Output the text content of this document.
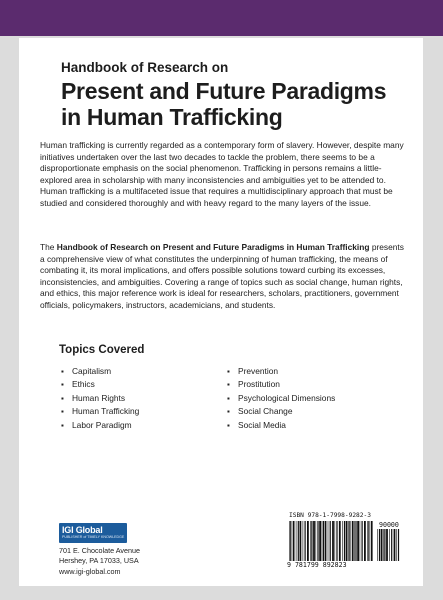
Handbook of Research on
Present and Future Paradigms in Human Trafficking

Human trafficking is currently regarded as a contemporary form of slavery. However, despite many initiatives undertaken over the last two decades to tackle the problem, there seems to be a disproportionate emphasis on the social phenomenon. Trafficking in persons remains a little-explored area in scholarship with many inconsistencies and ambiguities yet to be attended to. Human trafficking is a multifaceted issue that requires a multidisciplinary approach that must be studied and considered thoroughly and with heavy regard to the many layers of the issue.

The Handbook of Research on Present and Future Paradigms in Human Trafficking presents a comprehensive view of what constitutes the underpinning of human trafficking, the means of combating it, its moral implications, and offers possible solutions toward curbing its excesses, inconsistencies, and ambiguities. Covering a range of topics such as social change, human rights, and ethics, this major reference work is ideal for researchers, scholars, practitioners, government officials, policymakers, instructors, academicians, and students.

Topics Covered
▪ Capitalism
▪ Ethics
▪ Human Rights
▪ Human Trafficking
▪ Labor Paradigm
▪ Prevention
▪ Prostitution
▪ Psychological Dimensions
▪ Social Change
▪ Social Media
IGI Global
PUBLISHER of TIMELY KNOWLEDGE
701 E. Chocolate Avenue
Hershey, PA 17033, USA
www.igi-global.com
ISBN 978-1-7998-9282-3
90000
9 781799 892823
